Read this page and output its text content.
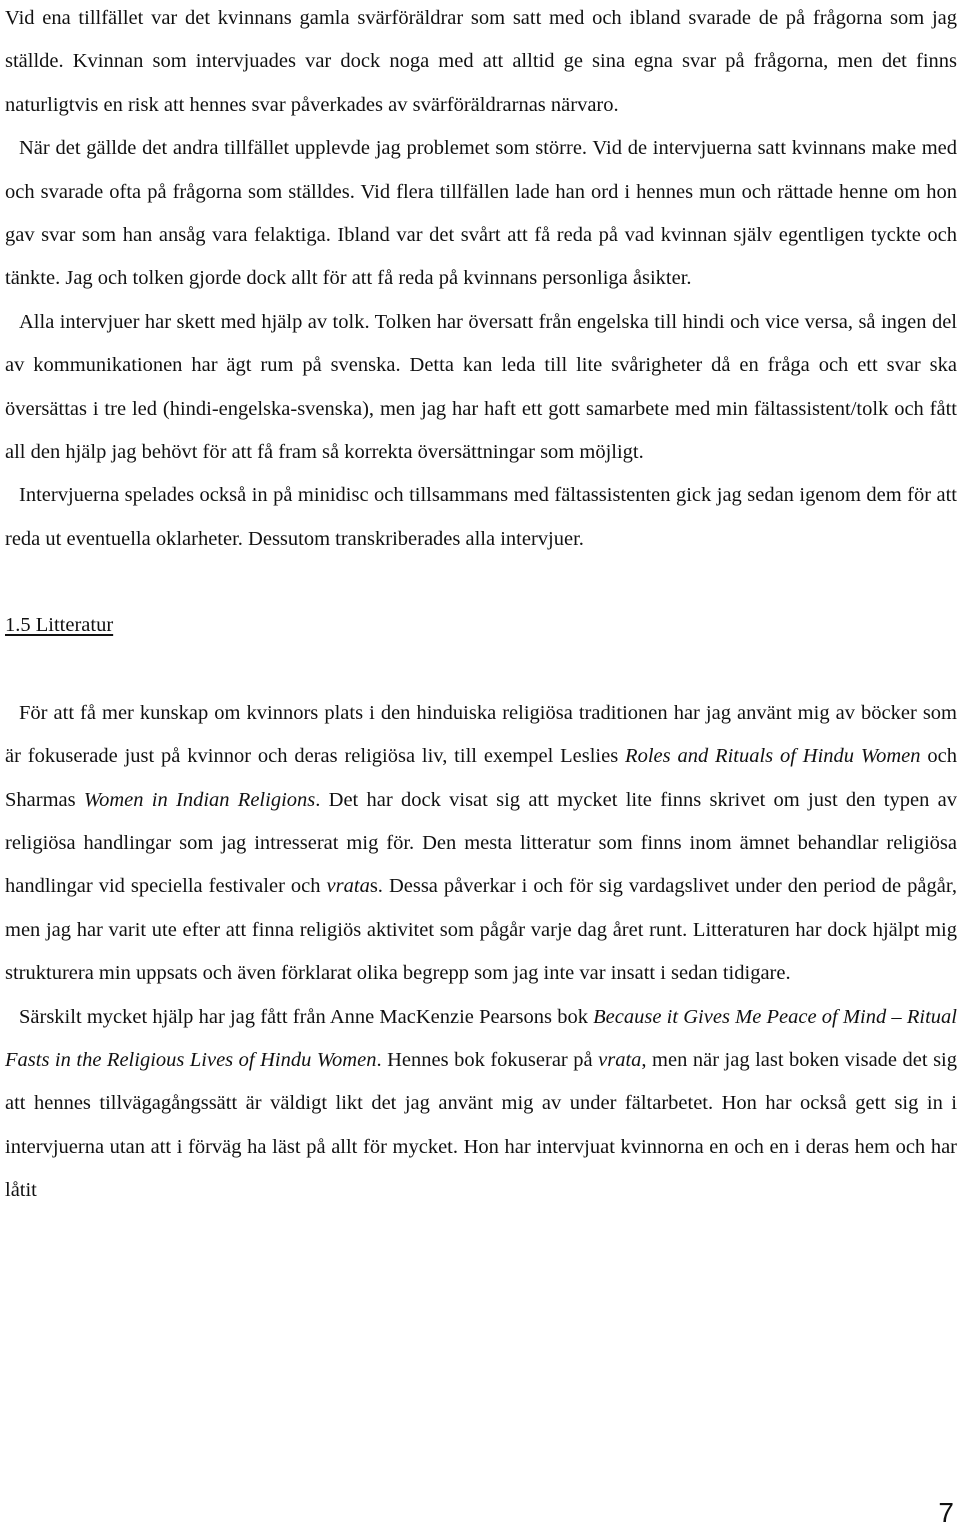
Vid ena tillfället var det kvinnans gamla svärföräldrar som satt med och ibland svarade de på frågorna som jag ställde. Kvinnan som intervjuades var dock noga med att alltid ge sina egna svar på frågorna, men det finns naturligtvis en risk att hennes svar påverkades av svärföräldrarnas närvaro.

När det gällde det andra tillfället upplevde jag problemet som större. Vid de intervjuerna satt kvinnans make med och svarade ofta på frågorna som ställdes. Vid flera tillfällen lade han ord i hennes mun och rättade henne om hon gav svar som han ansåg vara felaktiga. Ibland var det svårt att få reda på vad kvinnan själv egentligen tyckte och tänkte. Jag och tolken gjorde dock allt för att få reda på kvinnans personliga åsikter.

Alla intervjuer har skett med hjälp av tolk. Tolken har översatt från engelska till hindi och vice versa, så ingen del av kommunikationen har ägt rum på svenska. Detta kan leda till lite svårigheter då en fråga och ett svar ska översättas i tre led (hindi-engelska-svenska), men jag har haft ett gott samarbete med min fältassistent/tolk och fått all den hjälp jag behövt för att få fram så korrekta översättningar som möjligt.

Intervjuerna spelades också in på minidisc och tillsammans med fältassistenten gick jag sedan igenom dem för att reda ut eventuella oklarheter. Dessutom transkriberades alla intervjuer.

1.5 Litteratur

För att få mer kunskap om kvinnors plats i den hinduiska religiösa traditionen har jag använt mig av böcker som är fokuserade just på kvinnor och deras religiösa liv, till exempel Leslies Roles and Rituals of Hindu Women och Sharmas Women in Indian Religions. Det har dock visat sig att mycket lite finns skrivet om just den typen av religiösa handlingar som jag intresserat mig för. Den mesta litteratur som finns inom ämnet behandlar religiösa handlingar vid speciella festivaler och vratas. Dessa påverkar i och för sig vardagslivet under den period de pågår, men jag har varit ute efter att finna religiös aktivitet som pågår varje dag året runt. Litteraturen har dock hjälpt mig strukturera min uppsats och även förklarat olika begrepp som jag inte var insatt i sedan tidigare.

Särskilt mycket hjälp har jag fått från Anne MacKenzie Pearsons bok Because it Gives Me Peace of Mind – Ritual Fasts in the Religious Lives of Hindu Women. Hennes bok fokuserar på vrata, men när jag last boken visade det sig att hennes tillvägagångssätt är väldigt likt det jag använt mig av under fältarbetet. Hon har också gett sig in i intervjuerna utan att i förväg ha läst på allt för mycket. Hon har intervjuat kvinnorna en och en i deras hem och har låtit

7
